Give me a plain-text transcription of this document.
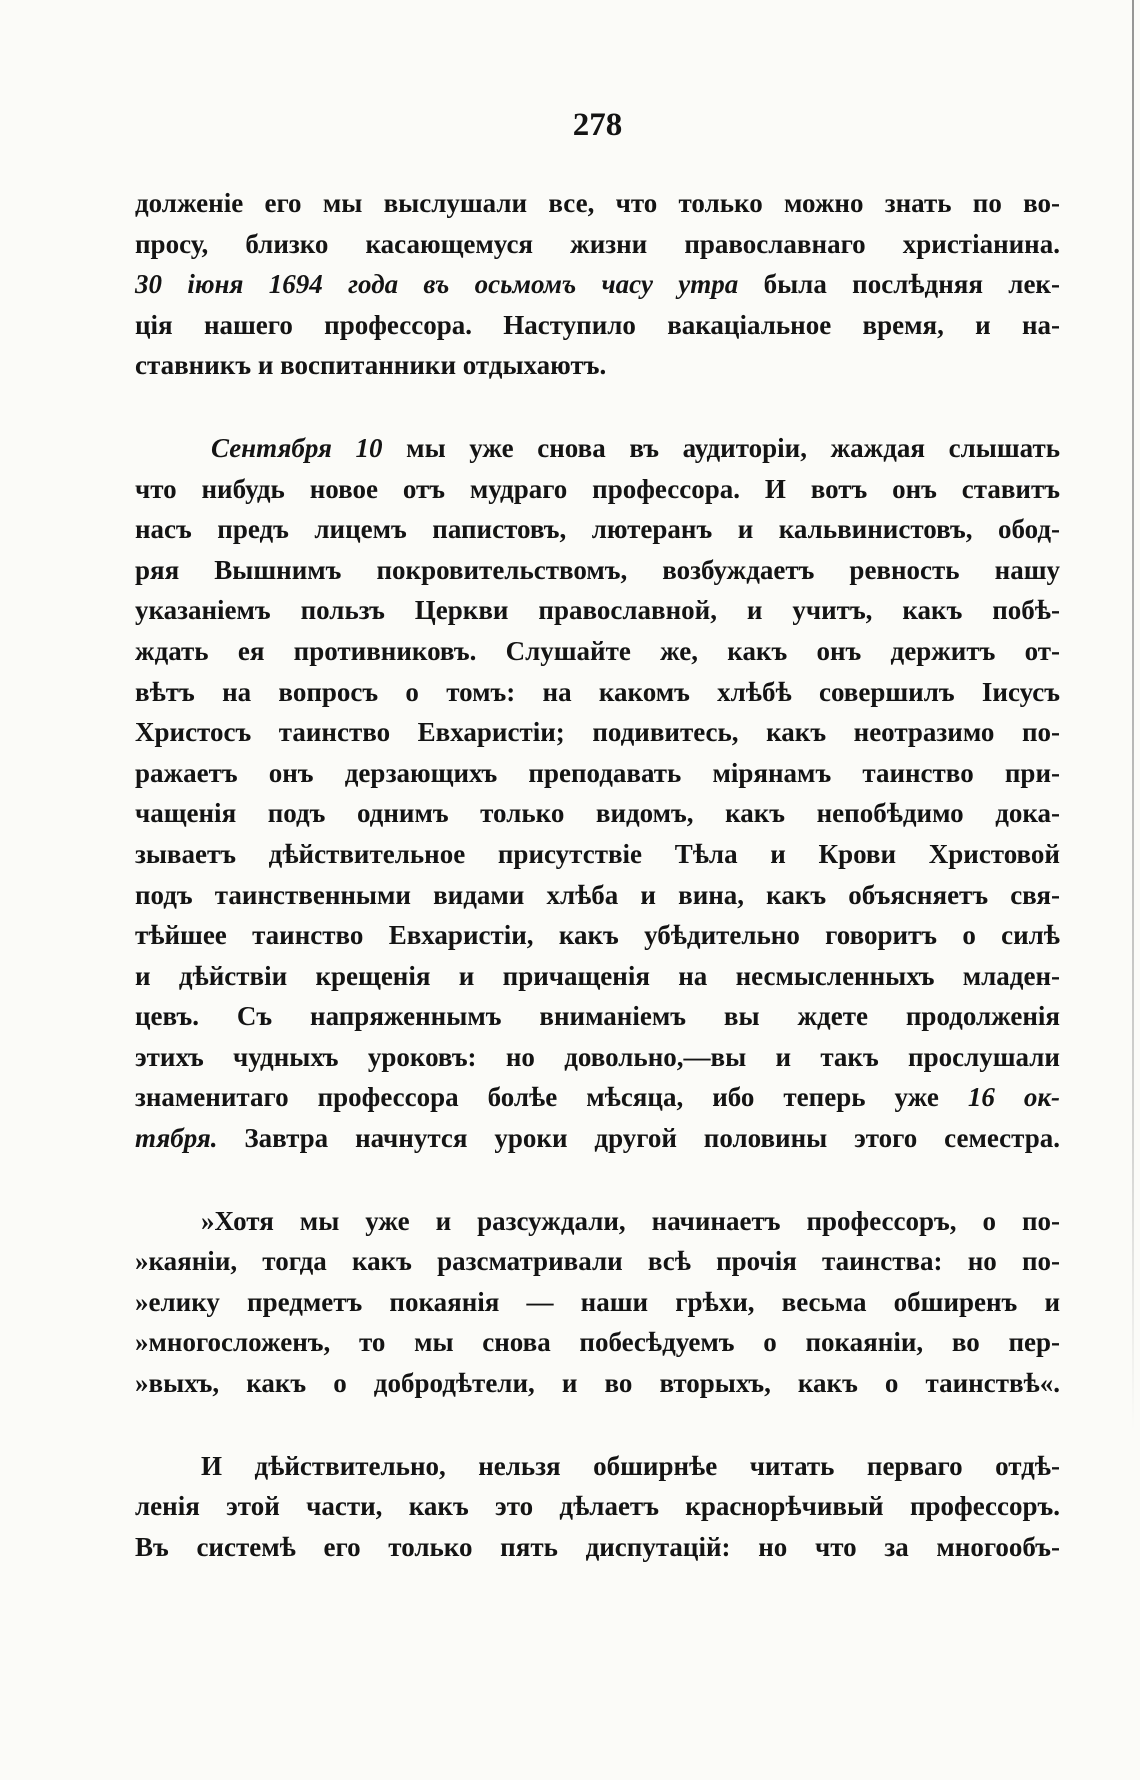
278
долженіе его мы выслушали все, что только можно знать по во-
просу, близко касающемуся жизни православнаго христіанина.
30 іюня 1694 года въ осьмомъ часу утра была послѣдняя лек-
ція нашего профессора. Наступило вакаціальное время, и на-
ставникъ и воспитанники отдыхаютъ.
Сентября 10 мы уже снова въ аудиторіи, жаждая слышать
что нибудь новое отъ мудраго профессора. И вотъ онъ ставитъ
насъ предъ лицемъ папистовъ, лютеранъ и кальвинистовъ, обод-
ряя Вышнимъ покровительствомъ, возбуждаетъ ревность нашу
указаніемъ пользъ Церкви православной, и учитъ, какъ побѣ-
ждать ея противниковъ. Слушайте же, какъ онъ держитъ от-
вѣтъ на вопросъ о томъ: на какомъ хлѣбѣ совершилъ Іисусъ
Христосъ таинство Евхаристіи; подивитесь, какъ неотразимо по-
ражаетъ онъ дерзающихъ преподавать мірянамъ таинство при-
чащенія подъ однимъ только видомъ, какъ непобѣдимо дока-
зываетъ дѣйствительное присутствіе Тѣла и Крови Христовой
подъ таинственными видами хлѣба и вина, какъ объясняетъ свя-
тѣйшее таинство Евхаристіи, какъ убѣдительно говоритъ о силѣ
и дѣйствіи крещенія и причащенія на несмысленныхъ младен-
цевъ. Съ напряженнымъ вниманіемъ вы ждете продолженія
этихъ чудныхъ уроковъ: но довольно,—вы и такъ прослушали
знаменитаго профессора болѣе мѣсяца, ибо теперь уже 16 ок-
тября. Завтра начнутся уроки другой половины этого семестра.
»Хотя мы уже и разсуждали, начинаетъ профессоръ, о по-
»каяніи, тогда какъ разсматривали всѣ прочія таинства: но по-
»елику предметъ покаянія — наши грѣхи, весьма обширенъ и
»многосложенъ, то мы снова побесѣдуемъ о покаяніи, во пер-
»выхъ, какъ о добродѣтели, и во вторыхъ, какъ о таинствѣ«.
И дѣйствительно, нельзя обширнѣе читать перваго отдѣ-
ленія этой части, какъ это дѣлаетъ краснорѣчивый профессоръ.
Въ системѣ его только пять диспутацій: но что за многообъ-
